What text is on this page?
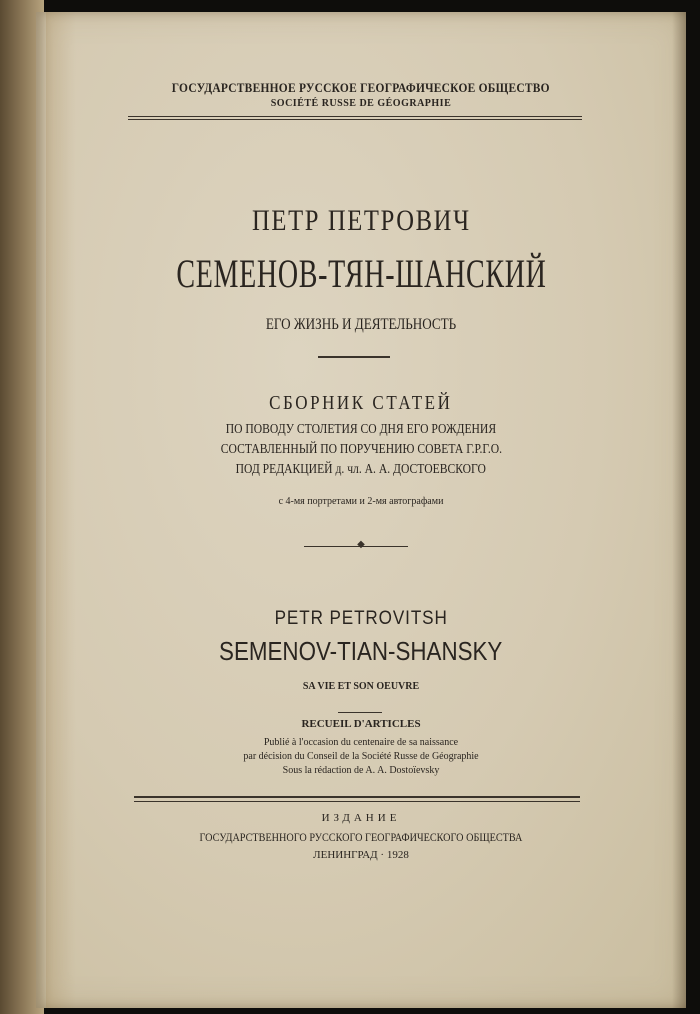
ГОСУДАРСТВЕННОЕ РУССКОЕ ГЕОГРАФИЧЕСКОЕ ОБЩЕСТВО
SOCIÉTÉ RUSSE DE GÉOGRAPHIE
ПЕТР ПЕТРОВИЧ
СЕМЕНОВ-ТЯН-ШАНСКИЙ
ЕГО ЖИЗНЬ И ДЕЯТЕЛЬНОСТЬ
СБОРНИК СТАТЕЙ
ПО ПОВОДУ СТОЛЕТИЯ СО ДНЯ ЕГО РОЖДЕНИЯ
СОСТАВЛЕННЫЙ ПО ПОРУЧЕНИЮ СОВЕТА Г.Р.Г.О.
ПОД РЕДАКЦИЕЙ д. чл. А. А. ДОСТОЕВСКОГО
с 4-мя портретами и 2-мя автографами
◆
PETR PETROVITSH
SEMENOV-TIAN-SHANSKY
SA VIE ET SON OEUVRE
RECUEIL D'ARTICLES
Publié à l'occasion du centenaire de sa naissance
par décision du Conseil de la Société Russe de Géographie
Sous la rédaction de A. A. Dostoïevsky
ИЗДАНИЕ
ГОСУДАРСТВЕННОГО РУССКОГО ГЕОГРАФИЧЕСКОГО ОБЩЕСТВА
ЛЕНИНГРАД · 1928
